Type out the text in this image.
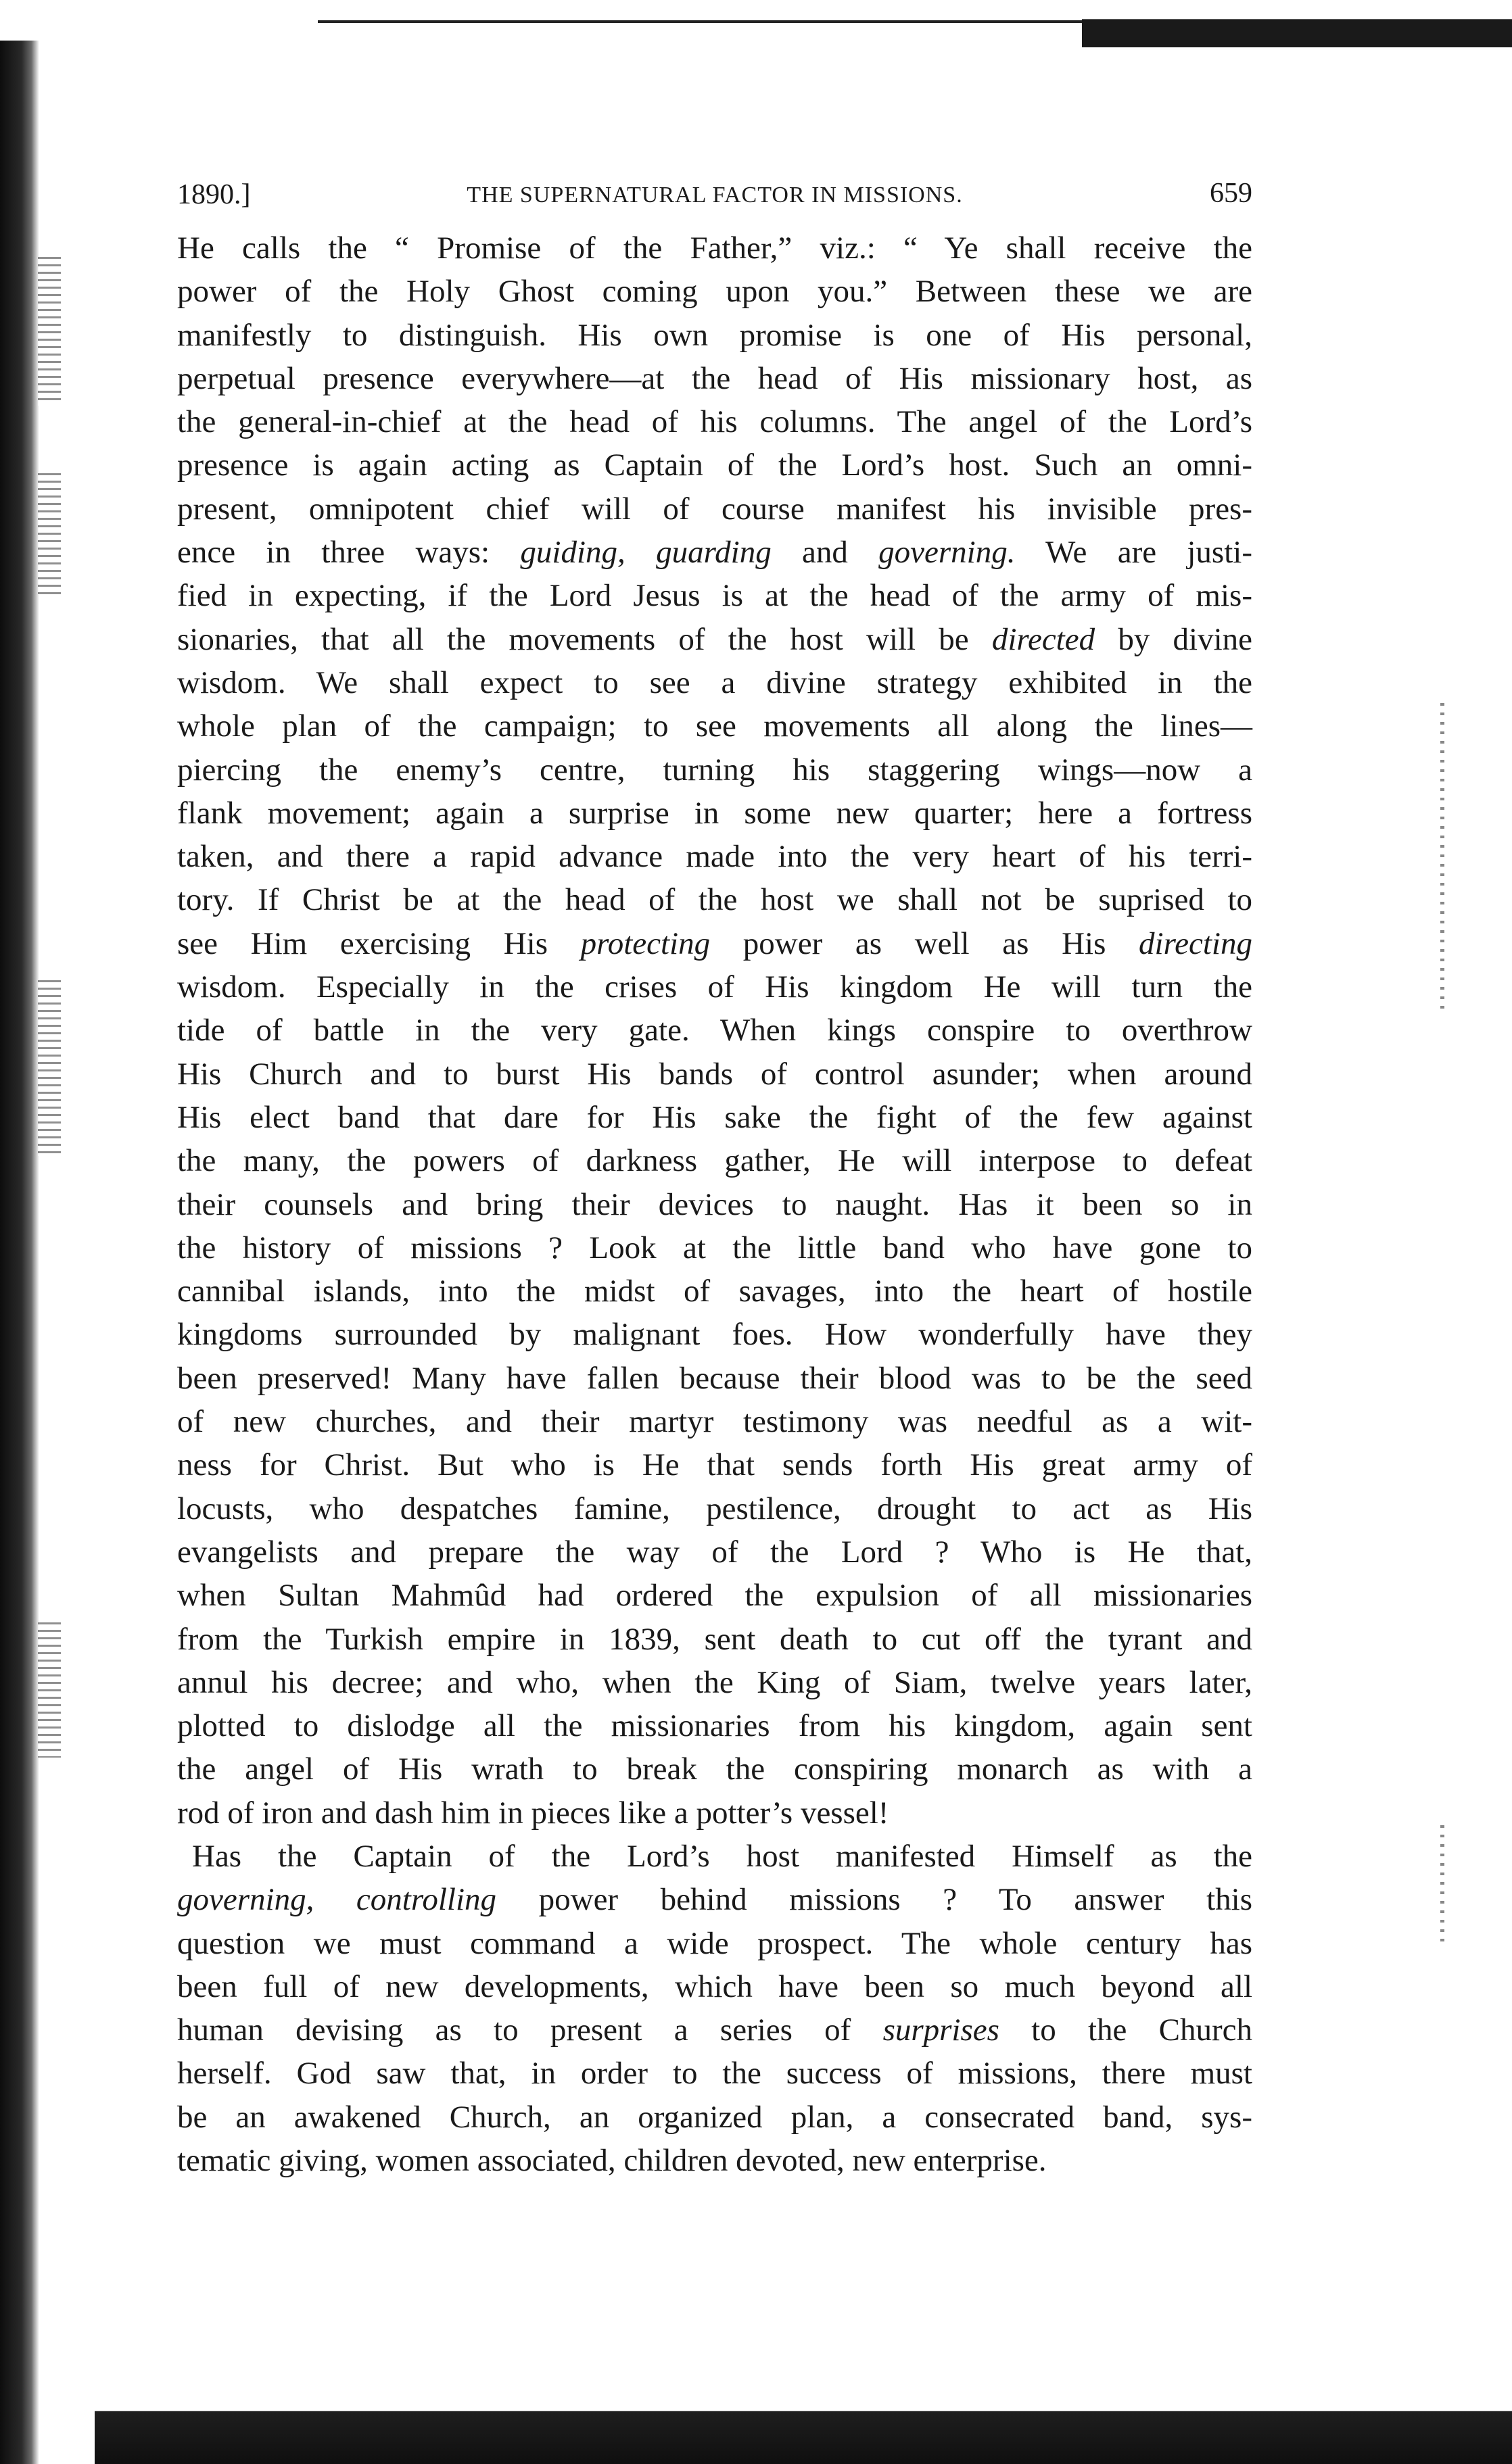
1890.]	THE SUPERNATURAL FACTOR IN MISSIONS.	659
He calls the “ Promise of the Father,” viz.: “ Ye shall receive the
power of the Holy Ghost coming upon you.” Between these we are
manifestly to distinguish. His own promise is one of His personal,
perpetual presence everywhere—at the head of His missionary host, as
the general-in-chief at the head of his columns. The angel of the Lord’s
presence is again acting as Captain of the Lord’s host. Such an omni-
present, omnipotent chief will of course manifest his invisible pres-
ence in three ways: guiding, guarding and governing. We are justi-
fied in expecting, if the Lord Jesus is at the head of the army of mis-
sionaries, that all the movements of the host will be directed by divine
wisdom. We shall expect to see a divine strategy exhibited in the
whole plan of the campaign; to see movements all along the lines—
piercing the enemy’s centre, turning his staggering wings—now a
flank movement; again a surprise in some new quarter; here a fortress
taken, and there a rapid advance made into the very heart of his terri-
tory. If Christ be at the head of the host we shall not be suprised to
see Him exercising His protecting power as well as His directing
wisdom. Especially in the crises of His kingdom He will turn the
tide of battle in the very gate. When kings conspire to overthrow
His Church and to burst His bands of control asunder; when around
His elect band that dare for His sake the fight of the few against
the many, the powers of darkness gather, He will interpose to defeat
their counsels and bring their devices to naught. Has it been so in
the history of missions ? Look at the little band who have gone to
cannibal islands, into the midst of savages, into the heart of hostile
kingdoms surrounded by malignant foes. How wonderfully have they
been preserved! Many have fallen because their blood was to be the seed
of new churches, and their martyr testimony was needful as a wit-
ness for Christ. But who is He that sends forth His great army of
locusts, who despatches famine, pestilence, drought to act as His
evangelists and prepare the way of the Lord ? Who is He that,
when Sultan Mahmûd had ordered the expulsion of all missionaries
from the Turkish empire in 1839, sent death to cut off the tyrant and
annul his decree; and who, when the King of Siam, twelve years later,
plotted to dislodge all the missionaries from his kingdom, again sent
the angel of His wrath to break the conspiring monarch as with a
rod of iron and dash him in pieces like a potter’s vessel!
Has the Captain of the Lord’s host manifested Himself as the
governing, controlling power behind missions ? To answer this
question we must command a wide prospect. The whole century has
been full of new developments, which have been so much beyond all
human devising as to present a series of surprises to the Church
herself. God saw that, in order to the success of missions, there must
be an awakened Church, an organized plan, a consecrated band, sys-
tematic giving, women associated, children devoted, new enterprise.
